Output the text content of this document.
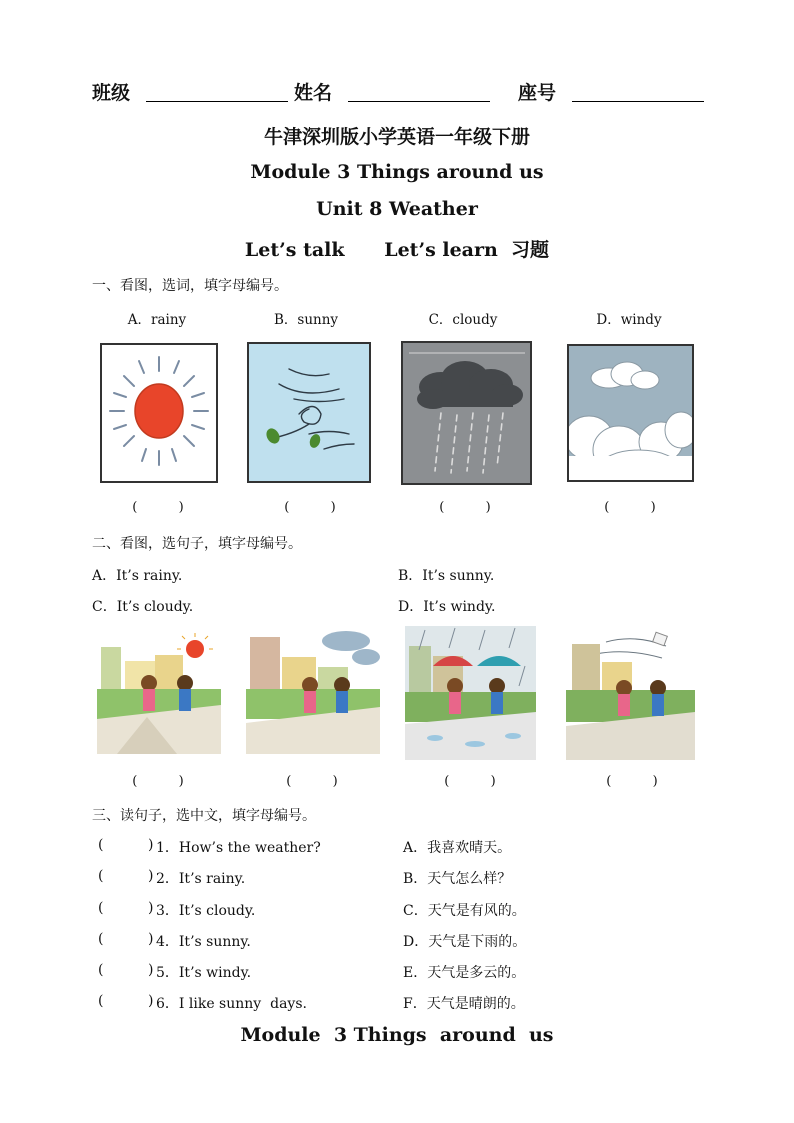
班级	姓名	座号
牛津深圳版小学英语一年级下册
Module 3 Things around us
Unit 8 Weather
Let’s talk      Let’s learn  习题
一、看图，选词，填字母编号。
A．rainy	B．sunny	C．cloudy	D．windy
(          )	(          )	(          )	(          )
二、看图，选句子，填字母编号。
A．It’s rainy.	B．It’s sunny.
C．It’s cloudy.	D．It’s windy.
(          )	(          )	(          )	(          )
三、读句子，选中文，填字母编号。
(          ) 1．How’s the weather?	A．我喜欢晴天。
(          ) 2．It’s rainy.	B．天气怎么样？
(          ) 3．It’s cloudy.	C．天气是有风的。
(          ) 4．It’s sunny.	D．天气是下雨的。
(          ) 5．It’s windy.	E．天气是多云的。
(          ) 6．I like sunny  days.	F．天气是晴朗的。
Module  3 Things  around  us
